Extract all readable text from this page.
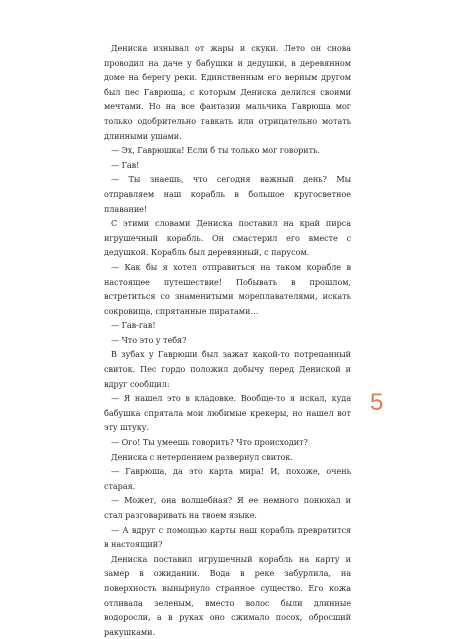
Дениска изнывал от жары и скуки. Лето он снова проводил на даче у бабушки и дедушки, в деревянном доме на берегу реки. Единственным его верным другом был пес Гаврюша, с которым Дениска делился своими мечтами. Но на все фантазии мальчика Гаврюша мог только одобрительно гавкать или отрицательно мотать длинными ушами.

— Эх, Гаврюшка! Если б ты только мог говорить.

— Гав!

— Ты знаешь, что сегодня важный день? Мы отправляем наш корабль в большое кругосветное плавание!

С этими словами Дениска поставил на край пирса игрушечный корабль. Он смастерил его вместе с дедушкой. Корабль был деревянный, с парусом.

— Как бы я хотел отправиться на таком корабле в настоящее путешествие! Побывать в прошлом, встретиться со знаменитыми мореплавателями, искать сокровища, спрятанные пиратами…

— Гав-гав!

— Что это у тебя?

В зубах у Гаврюши был зажат какой-то потрепанный свиток. Пес гордо положил добычу перед Дениской и вдруг сообщил:

— Я нашел это в кладовке. Вообще-то я искал, куда бабушка спрятала мои любимые крекеры, но нашел вот эту штуку.

— Ого! Ты умеешь говорить? Что происходит?

Дениска с нетерпением развернул свиток.

— Гаврюша, да это карта мира! И, похоже, очень старая.

— Может, она волшебная? Я ее немного понюхал и стал разговаривать на твоем языке.

— А вдруг с помощью карты наш корабль превратится в настоящий?

Дениска поставил игрушечный корабль на карту и замер в ожидании. Вода в реке забурлила, на поверхность вынырнуло странное существо. Его кожа отливала зеленым, вместо волос были длинные водоросли, а в руках оно сжимало посох, обросший ракушками.

5
